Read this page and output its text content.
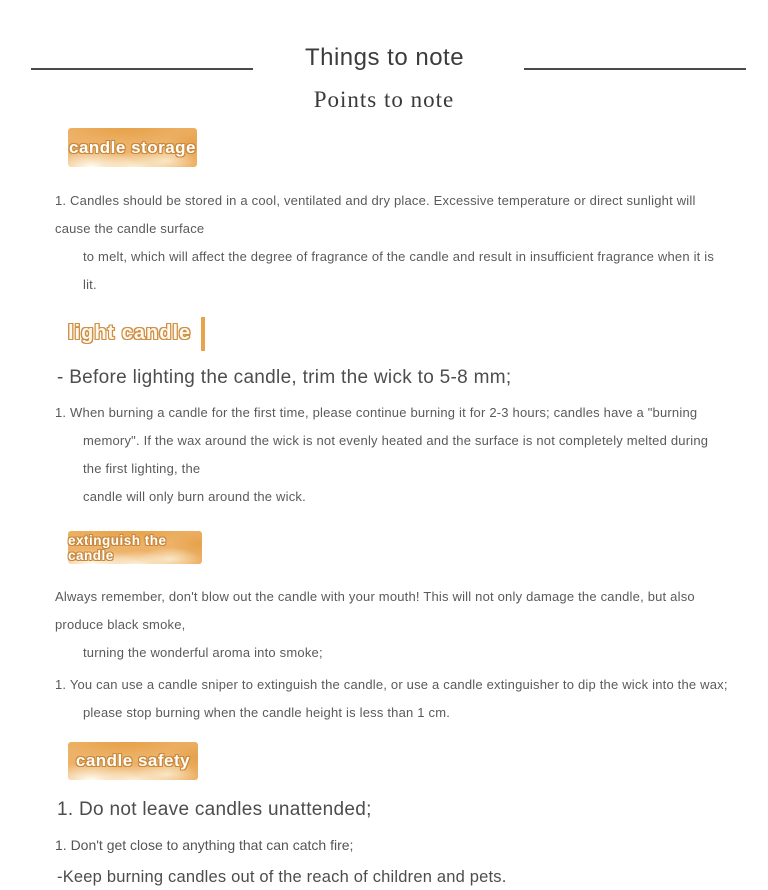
Things to note
Points to note
candle storage
1. Candles should be stored in a cool, ventilated and dry place. Excessive temperature or direct sunlight will cause the candle surface
to melt, which will affect the degree of fragrance of the candle and result in insufficient fragrance when it is lit.
light candle
- Before lighting the candle, trim the wick to 5-8 mm;
1. When burning a candle for the first time, please continue burning it for 2-3 hours; candles have a "burning
memory". If the wax around the wick is not evenly heated and the surface is not completely melted during the first lighting, the
candle will only burn around the wick.
extinguish the candle
Always remember, don't blow out the candle with your mouth! This will not only damage the candle, but also produce black smoke,
turning the wonderful aroma into smoke;
1. You can use a candle sniper to extinguish the candle, or use a candle extinguisher to dip the wick into the wax;
please stop burning when the candle height is less than 1 cm.
candle safety
1. Do not leave candles unattended;
1. Don't get close to anything that can catch fire;
-Keep burning candles out of the reach of children and pets.
